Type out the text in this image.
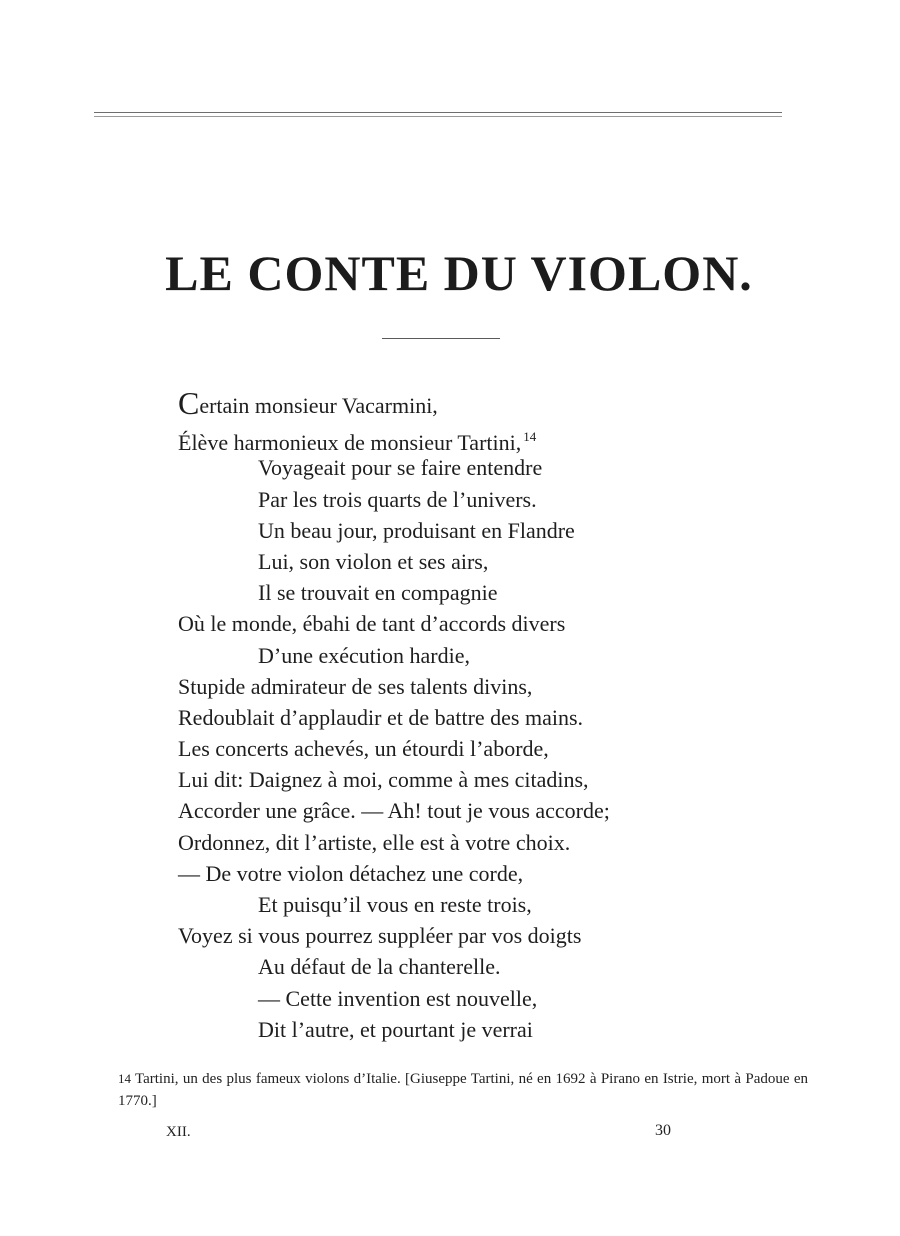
LE CONTE DU VIOLON.
Certain monsieur Vacarmini,
Élève harmonieux de monsieur Tartini, $^{14}$
Voyageait pour se faire entendre
Par les trois quarts de l’univers.
Un beau jour, produisant en Flandre
Lui, son violon et ses airs,
Il se trouvait en compagnie
Où le monde, ébahi de tant d’accords divers
D’une exécution hardie,
Stupide admirateur de ses talents divins,
Redoublait d’applaudir et de battre des mains.
Les concerts achevés, un étourdi l’aborde,
Lui dit: Daignez à moi, comme à mes citadins,
Accorder une grâce. — Ah! tout je vous accorde;
Ordonnez, dit l’artiste, elle est à votre choix.
— De votre violon détachez une corde,
Et puisqu’il vous en reste trois,
Voyez si vous pourrez suppléer par vos doigts
Au défaut de la chanterelle.
— Cette invention est nouvelle,
Dit l’autre, et pourtant je verrai
14 Tartini, un des plus fameux violons d’Italie. [Giuseppe Tartini, né en 1692 à Pirano en Istrie, mort à Padoue en 1770.]
XII.	30
